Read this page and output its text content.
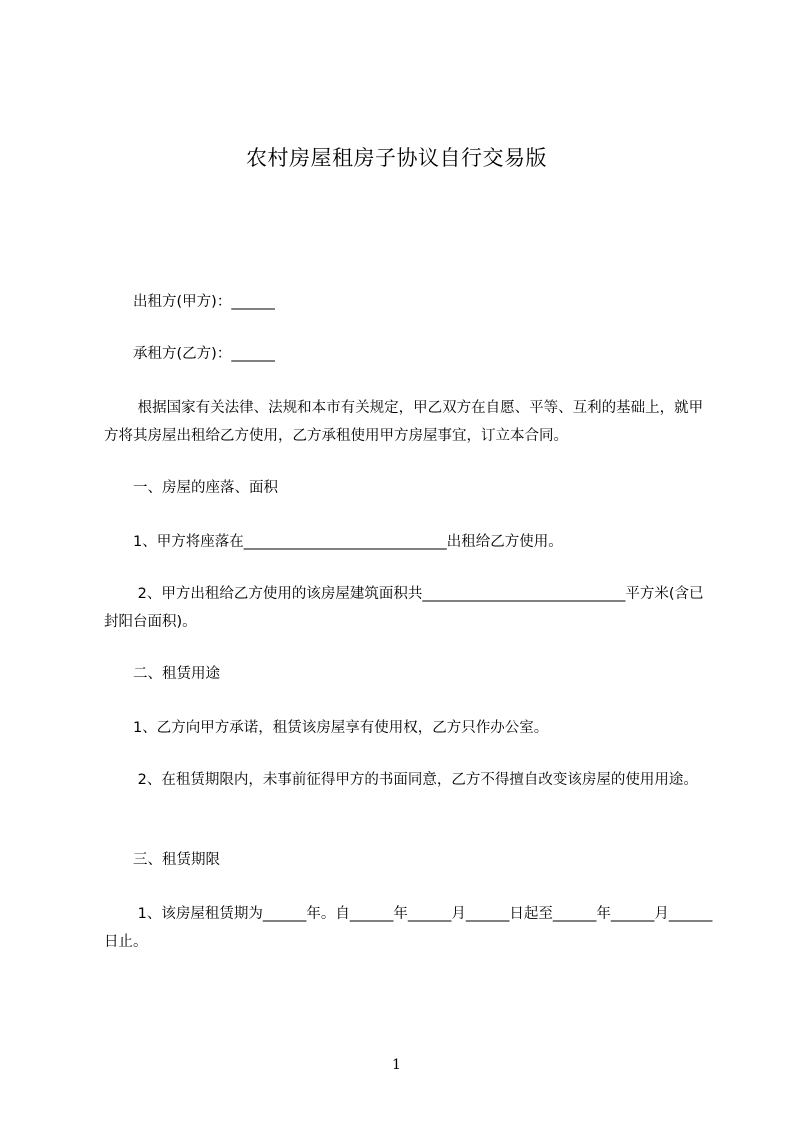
农村房屋租房子协议自行交易版
　　出租方(甲方)：______
　　承租方(乙方)：______
　　 根据国家有关法律、法规和本市有关规定，甲乙双方在自愿、平等、互利的基础上，就甲方将其房屋出租给乙方使用，乙方承租使用甲方房屋事宜，订立本合同。
　　一、房屋的座落、面积
　　1、甲方将座落在____________________________出租给乙方使用。
　　 2、甲方出租给乙方使用的该房屋建筑面积共____________________________平方米(含已封阳台面积)。
　　二、租赁用途
　　1、乙方向甲方承诺，租赁该房屋享有使用权，乙方只作办公室。
　　 2、在租赁期限内，未事前征得甲方的书面同意，乙方不得擅自改变该房屋的使用用途。
　　三、租赁期限
　　 1、该房屋租赁期为______年。自______年______月______日起至______年______月______日止。
1
